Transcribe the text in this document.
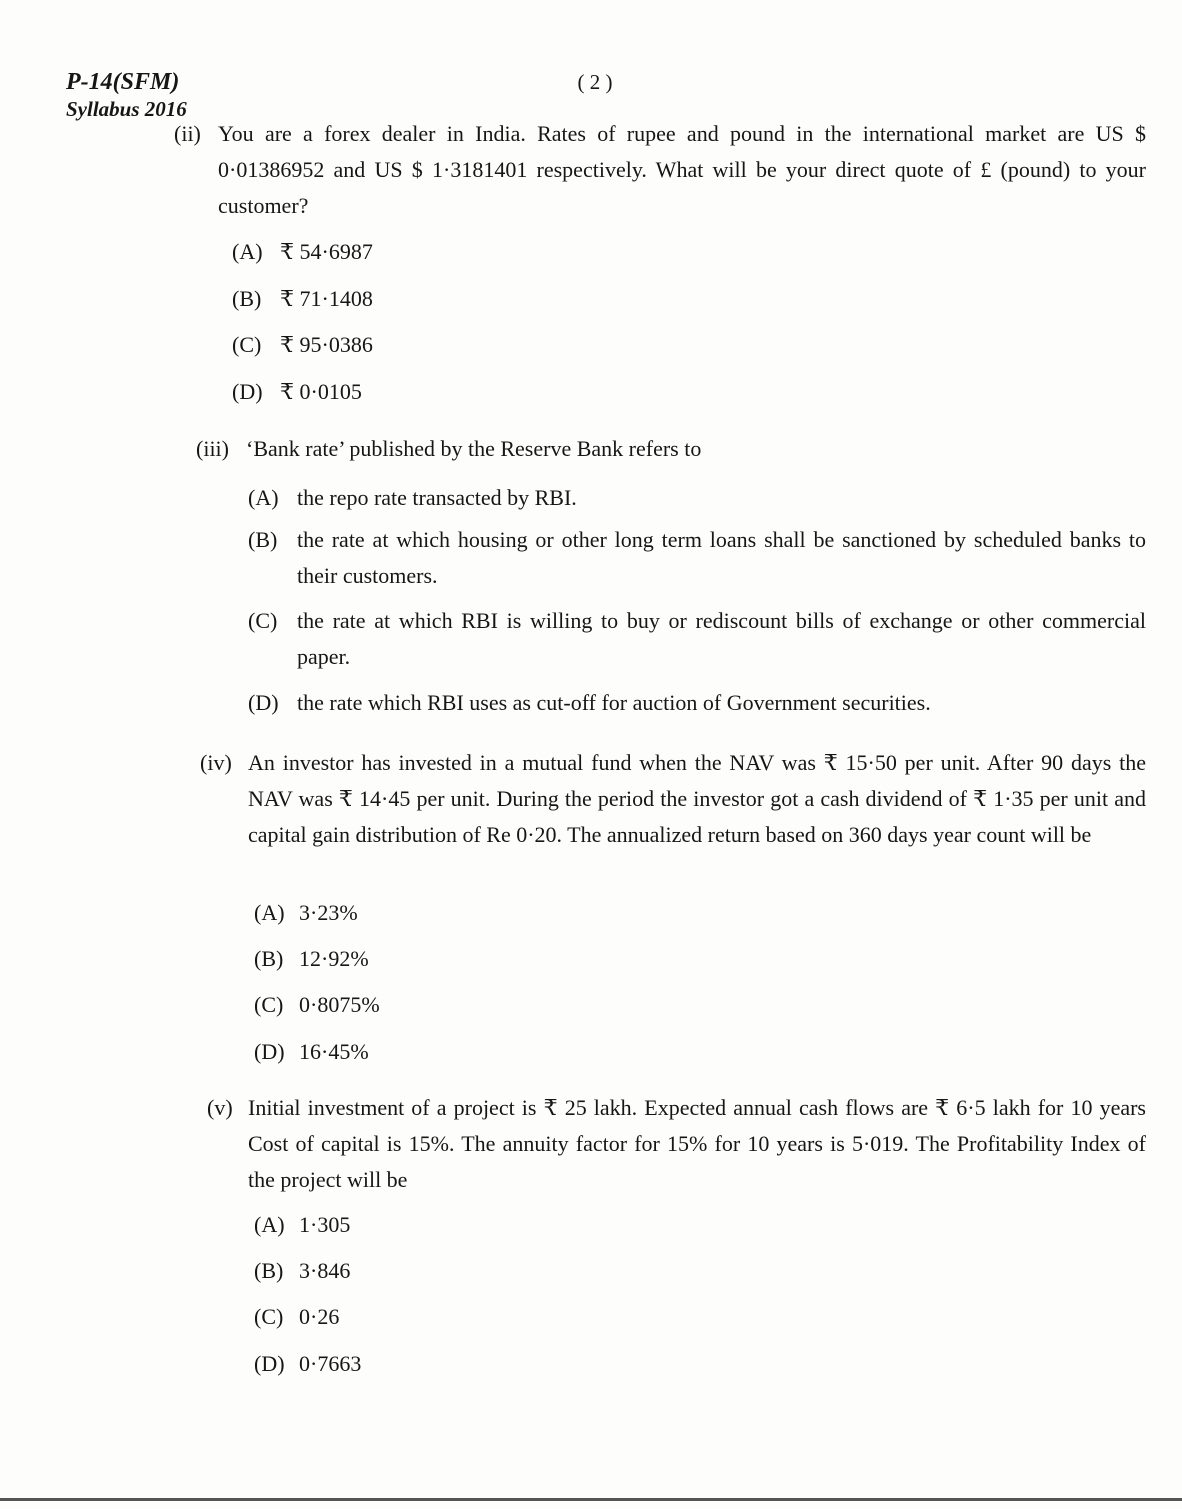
P-14(SFM)
Syllabus 2016
( 2 )
(ii) You are a forex dealer in India. Rates of rupee and pound in the international market are US $ 0·01386952 and US $ 1·3181401 respectively. What will be your direct quote of £ (pound) to your customer?
(A) ₹ 54·6987
(B) ₹ 71·1408
(C) ₹ 95·0386
(D) ₹ 0·0105
(iii) ‘Bank rate’ published by the Reserve Bank refers to
(A) the repo rate transacted by RBI.
(B) the rate at which housing or other long term loans shall be sanctioned by scheduled banks to their customers.
(C) the rate at which RBI is willing to buy or rediscount bills of exchange or other commercial paper.
(D) the rate which RBI uses as cut-off for auction of Government securities.
(iv) An investor has invested in a mutual fund when the NAV was ₹ 15·50 per unit. After 90 days the NAV was ₹ 14·45 per unit. During the period the investor got a cash dividend of ₹ 1·35 per unit and capital gain distribution of Re 0·20. The annualized return based on 360 days year count will be
(A) 3·23%
(B) 12·92%
(C) 0·8075%
(D) 16·45%
(v) Initial investment of a project is ₹ 25 lakh. Expected annual cash flows are ₹ 6·5 lakh for 10 years Cost of capital is 15%. The annuity factor for 15% for 10 years is 5·019. The Profitability Index of the project will be
(A) 1·305
(B) 3·846
(C) 0·26
(D) 0·7663
